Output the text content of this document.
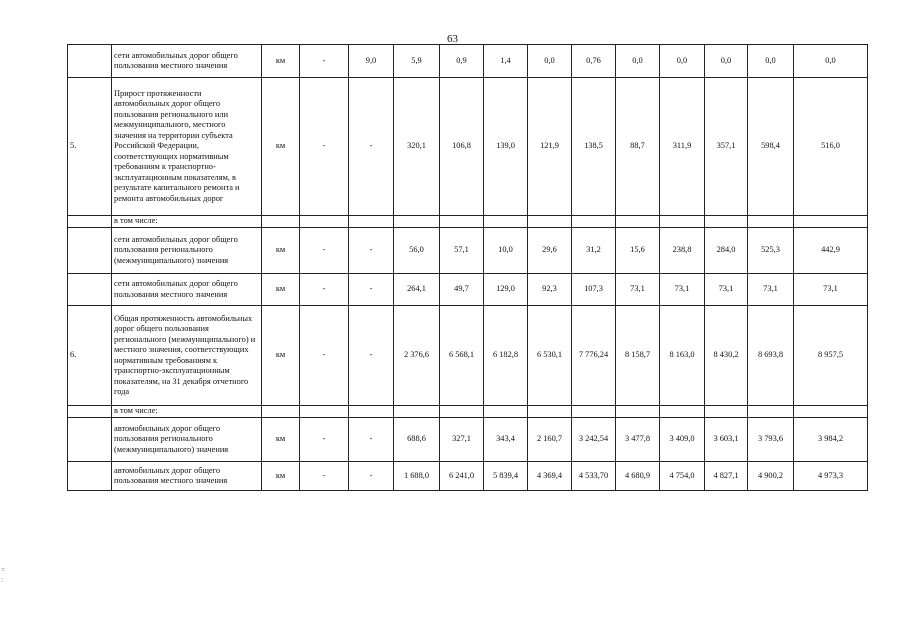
63
	сети автомобильных дорог общего пользования местного значения	км	-	9,0	5,9	0,9	1,4	0,0	0,76	0,0	0,0	0,0	0,0	0,0
5.	Прирост протяженности автомобильных дорог общего пользования регионального или межмуниципального, местного значения на территории субъекта Российской Федерации, соответствующих нормативным требованиям к транспортно-эксплуатационным показателям, в результате капитального ремонта и ремонта автомобильных дорог	км	-	-	320,1	106,8	139,0	121,9	138,5	88,7	311,9	357,1	598,4	516,0
	в том числе:													
	сети автомобильных дорог общего пользования регионального (межмуниципального) значения	км	-	-	56,0	57,1	10,0	29,6	31,2	15,6	238,8	284,0	525,3	442,9
	сети автомобильных дорог общего пользования местного значения	км	-	-	264,1	49,7	129,0	92,3	107,3	73,1	73,1	73,1	73,1	73,1
6.	Общая протяженность автомобильных дорог общего пользования регионального (межмуниципального) и местного значения, соответствующих нормативным требованиям к транспортно-эксплуатационным показателям, на 31 декабря отчетного года	км	-	-	2 376,6	6 568,1	6 182,8	6 530,1	7 776,24	8 158,7	8 163,0	8 430,2	8 693,8	8 957,5
	в том числе:													
	автомобильных дорог общего пользования регионального (межмуниципального) значения	км	-	-	688,6	327,1	343,4	2 160,7	3 242,54	3 477,8	3 409,0	3 603,1	3 793,6	3 984,2
	автомобильных дорог общего пользования местного значения	км	-	-	1 688,0	6 241,0	5 839,4	4 369,4	4 533,70	4 680,9	4 754,0	4 827,1	4 900,2	4 973,3
=
:
